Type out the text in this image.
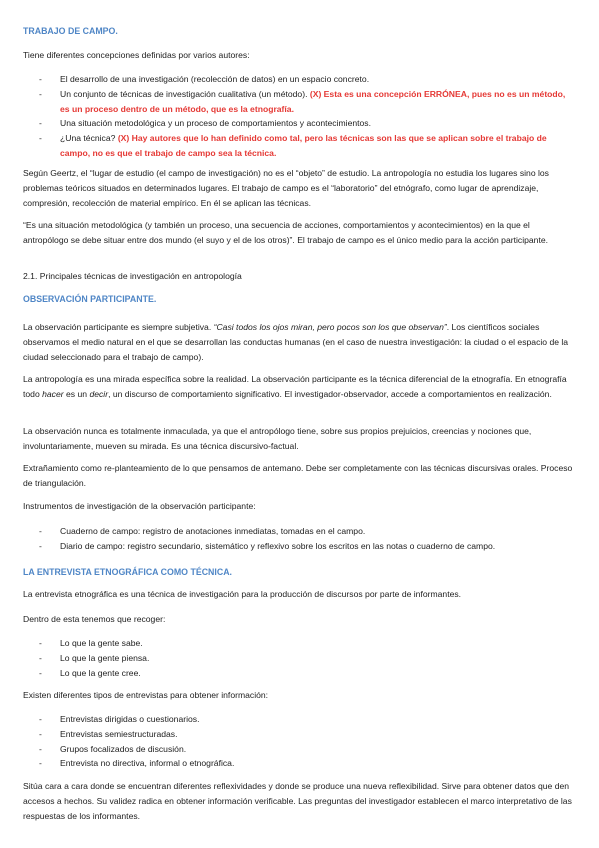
TRABAJO DE CAMPO.

Tiene diferentes concepciones definidas por varios autores:

- El desarrollo de una investigación (recolección de datos) en un espacio concreto.
- Un conjunto de técnicas de investigación cualitativa (un método). (X) Esta es una concepción ERRÓNEA, pues no es un método, es un proceso dentro de un método, que es la etnografía.
- Una situación metodológica y un proceso de comportamientos y acontecimientos.
- ¿Una técnica? (X) Hay autores que lo han definido como tal, pero las técnicas son las que se aplican sobre el trabajo de campo, no es que el trabajo de campo sea la técnica.

Según Geertz, el “lugar de estudio (el campo de investigación) no es el “objeto” de estudio. La antropología no estudia los lugares sino los problemas teóricos situados en determinados lugares. El trabajo de campo es el “laboratorio” del etnógrafo, como lugar de aprendizaje, compresión, recolección de material empírico. En él se aplican las técnicas.

“Es una situación metodológica (y también un proceso, una secuencia de acciones, comportamientos y acontecimientos) en la que el antropólogo se debe situar entre dos mundo (el suyo y el de los otros)”. El trabajo de campo es el único medio para la acción participante.

2.1. Principales técnicas de investigación en antropología

OBSERVACIÓN PARTICIPANTE.

La observación participante es siempre subjetiva. “Casi todos los ojos miran, pero pocos son los que observan”. Los científicos sociales observamos el medio natural en el que se desarrollan las conductas humanas (en el caso de nuestra investigación: la ciudad o el espacio de la ciudad seleccionado para el trabajo de campo).

La antropología es una mirada específica sobre la realidad. La observación participante es la técnica diferencial de la etnografía. En etnografía todo hacer es un decir, un discurso de comportamiento significativo. El investigador-observador, accede a comportamientos en realización.

La observación nunca es totalmente inmaculada, ya que el antropólogo tiene, sobre sus propios prejuicios, creencias y nociones que, involuntariamente, mueven su mirada. Es una técnica discursivo-factual.

Extrañamiento como re-planteamiento de lo que pensamos de antemano. Debe ser completamente con las técnicas discursivas orales. Proceso de triangulación.

Instrumentos de investigación de la observación participante:

- Cuaderno de campo: registro de anotaciones inmediatas, tomadas en el campo.
- Diario de campo: registro secundario, sistemático y reflexivo sobre los escritos en las notas o cuaderno de campo.
LA ENTREVISTA ETNOGRÁFICA COMO TÉCNICA.

La entrevista etnográfica es una técnica de investigación para la producción de discursos por parte de informantes.

Dentro de esta tenemos que recoger:

- Lo que la gente sabe.
- Lo que la gente piensa.
- Lo que la gente cree.

Existen diferentes tipos de entrevistas para obtener información:

- Entrevistas dirigidas o cuestionarios.
- Entrevistas semiestructuradas.
- Grupos focalizados de discusión.
- Entrevista no directiva, informal o etnográfica.

Sitúa cara a cara donde se encuentran diferentes reflexividades y donde se produce una nueva reflexibilidad. Sirve para obtener datos que den accesos a hechos. Su validez radica en obtener información verificable. Las preguntas del investigador establecen el marco interpretativo de las respuestas de los informantes.
